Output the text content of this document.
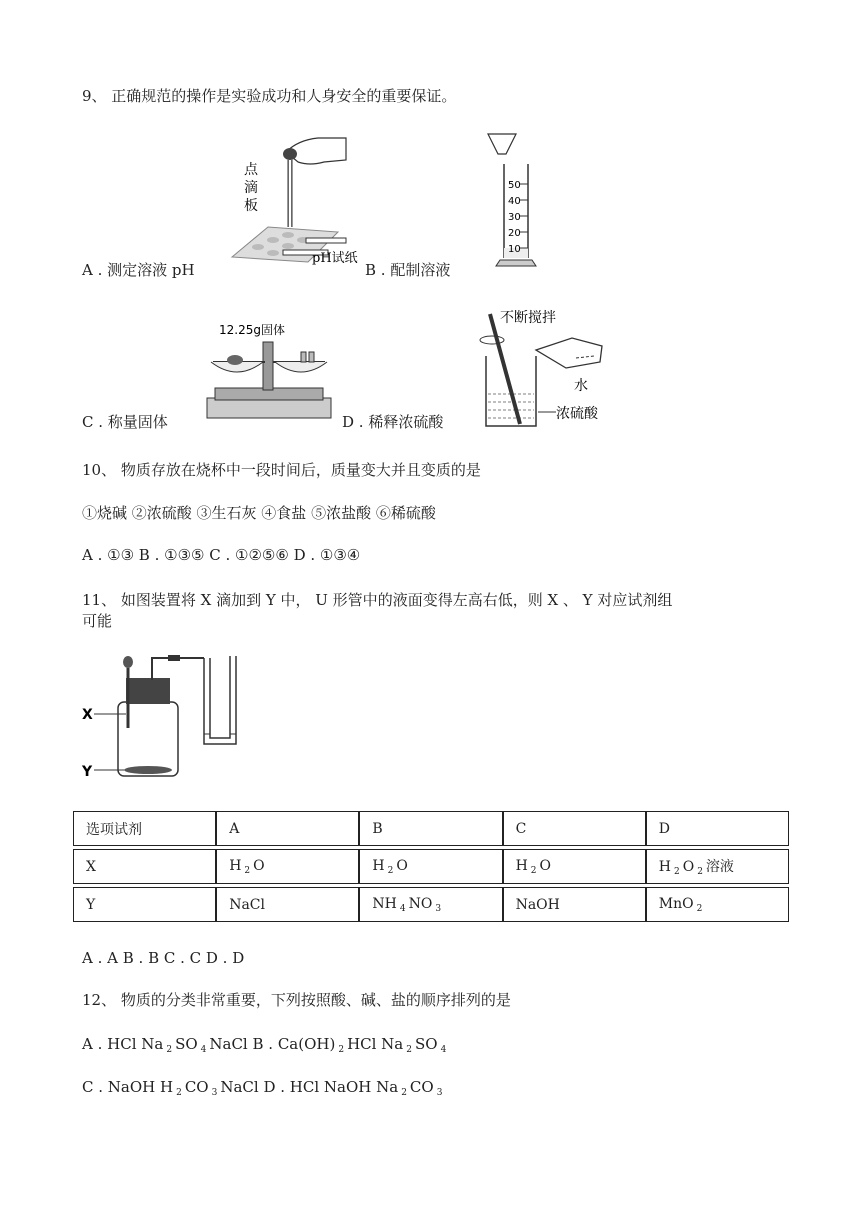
9、 正确规范的操作是实验成功和人身安全的重要保证。
点
滴
板
pH试纸
A . 测定溶液 pH
50
40
30
20
10
B . 配制溶液
12.25g固体
C . 称量固体
不断搅拌
水
浓硫酸
D . 稀释浓硫酸
10、 物质存放在烧杯中一段时间后，质量变大并且变质的是
①烧碱 ②浓硫酸 ③生石灰 ④食盐 ⑤浓盐酸 ⑥稀硫酸
A . ①③ B . ①③⑤ C . ①②⑤⑥ D . ①③④
11、 如图装置将 X 滴加到 Y 中， U 形管中的液面变得左高右低，则 X 、 Y 对应试剂组
可能
X
Y
选项试剂	A	B	C	D
X	H $_2$ O	H $_2$ O	H $_2$ O	H $_2$ O $_2$ 溶液
Y	NaCl	NH $_4$ NO $_3$	NaOH	MnO $_2$
A . A B . B C . C D . D
12、 物质的分类非常重要，下列按照酸、碱、盐的顺序排列的是
A . HCl Na $_2$ SO $_4$ NaCl B . Ca(OH) $_2$ HCl Na $_2$ SO $_4$
C . NaOH H $_2$ CO $_3$ NaCl D . HCl NaOH Na $_2$ CO $_3$
